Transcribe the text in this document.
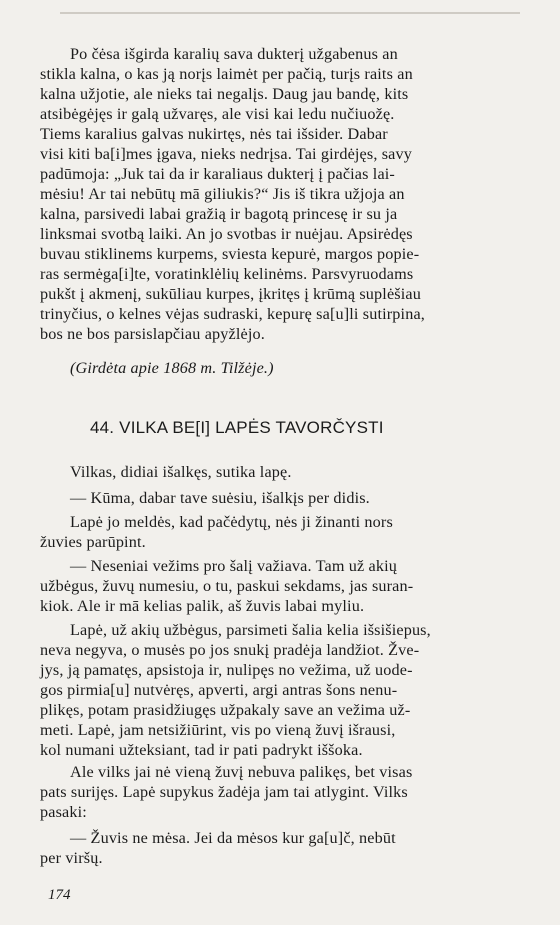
Po čėsa išgirda karalių sava dukterį užgabenus an
stikla kalna, o kas ją norįs laimėt per pačią, turįs raits an
kalna užjotie, ale nieks tai negalįs. Daug jau bandę, kits
atsibėgėjęs ir galą užvaręs, ale visi kai ledu nučiuožę.
Tiems karalius galvas nukirtęs, nės tai išsider. Dabar
visi kiti ba[i]mes įgava, nieks nedrįsa. Tai girdėjęs, savy
padūmoja: „Juk tai da ir karaliaus dukterį į pačias lai-
mėsiu! Ar tai nebūtų mā giliukis?“ Jis iš tikra užjoja an
kalna, parsivedi labai gražią ir bagotą princesę ir su ja
linksmai svotbą laiki. An jo svotbas ir nuėjau. Apsirėdęs
buvau stiklinems kurpems, sviesta kepurė, margos popie-
ras sermėga[i]te, voratinklėlių kelinėms. Parsvyruodams
pukšt į akmenį, sukūliau kurpes, įkritęs į krūmą suplėšiau
trinyčius, o kelnes vėjas sudraski, kepurę sa[u]li sutirpina,
bos ne bos parsislapčiau apyžlėjo.
(Girdėta apie 1868 m. Tilžėje.)
44. VILKA BE[I] LAPĖS TAVORČYSTI
Vilkas, didiai išalkęs, sutika lapę.
— Kūma, dabar tave suėsiu, išalkįs per didis.
Lapė jo meldės, kad pačėdytų, nės ji žinanti nors
žuvies parūpint.
— Neseniai vežims pro šalį važiava. Tam už akių
užbėgus, žuvų numesiu, o tu, paskui sekdams, jas suran-
kiok. Ale ir mā kelias palik, aš žuvis labai myliu.
Lapė, už akių užbėgus, parsimeti šalia kelia išsišiepus,
neva negyva, o musės po jos snukį pradėja landžiot. Žve-
jys, ją pamatęs, apsistoja ir, nulipęs no vežima, už uode-
gos pirmia[u] nutvėręs, apverti, argi antras šons nenu-
plikęs, potam prasidžiugęs užpakaly save an vežima už-
meti. Lapė, jam netsižiūrint, vis po vieną žuvį išrausi,
kol numani užteksiant, tad ir pati padrykt iššoka.
Ale vilks jai nė vieną žuvį nebuva palikęs, bet visas
pats surijęs. Lapė supykus žadėja jam tai atlygint. Vilks
pasaki:
— Žuvis ne mėsa. Jei da mėsos kur ga[u]č, nebūt
per viršų.
174
